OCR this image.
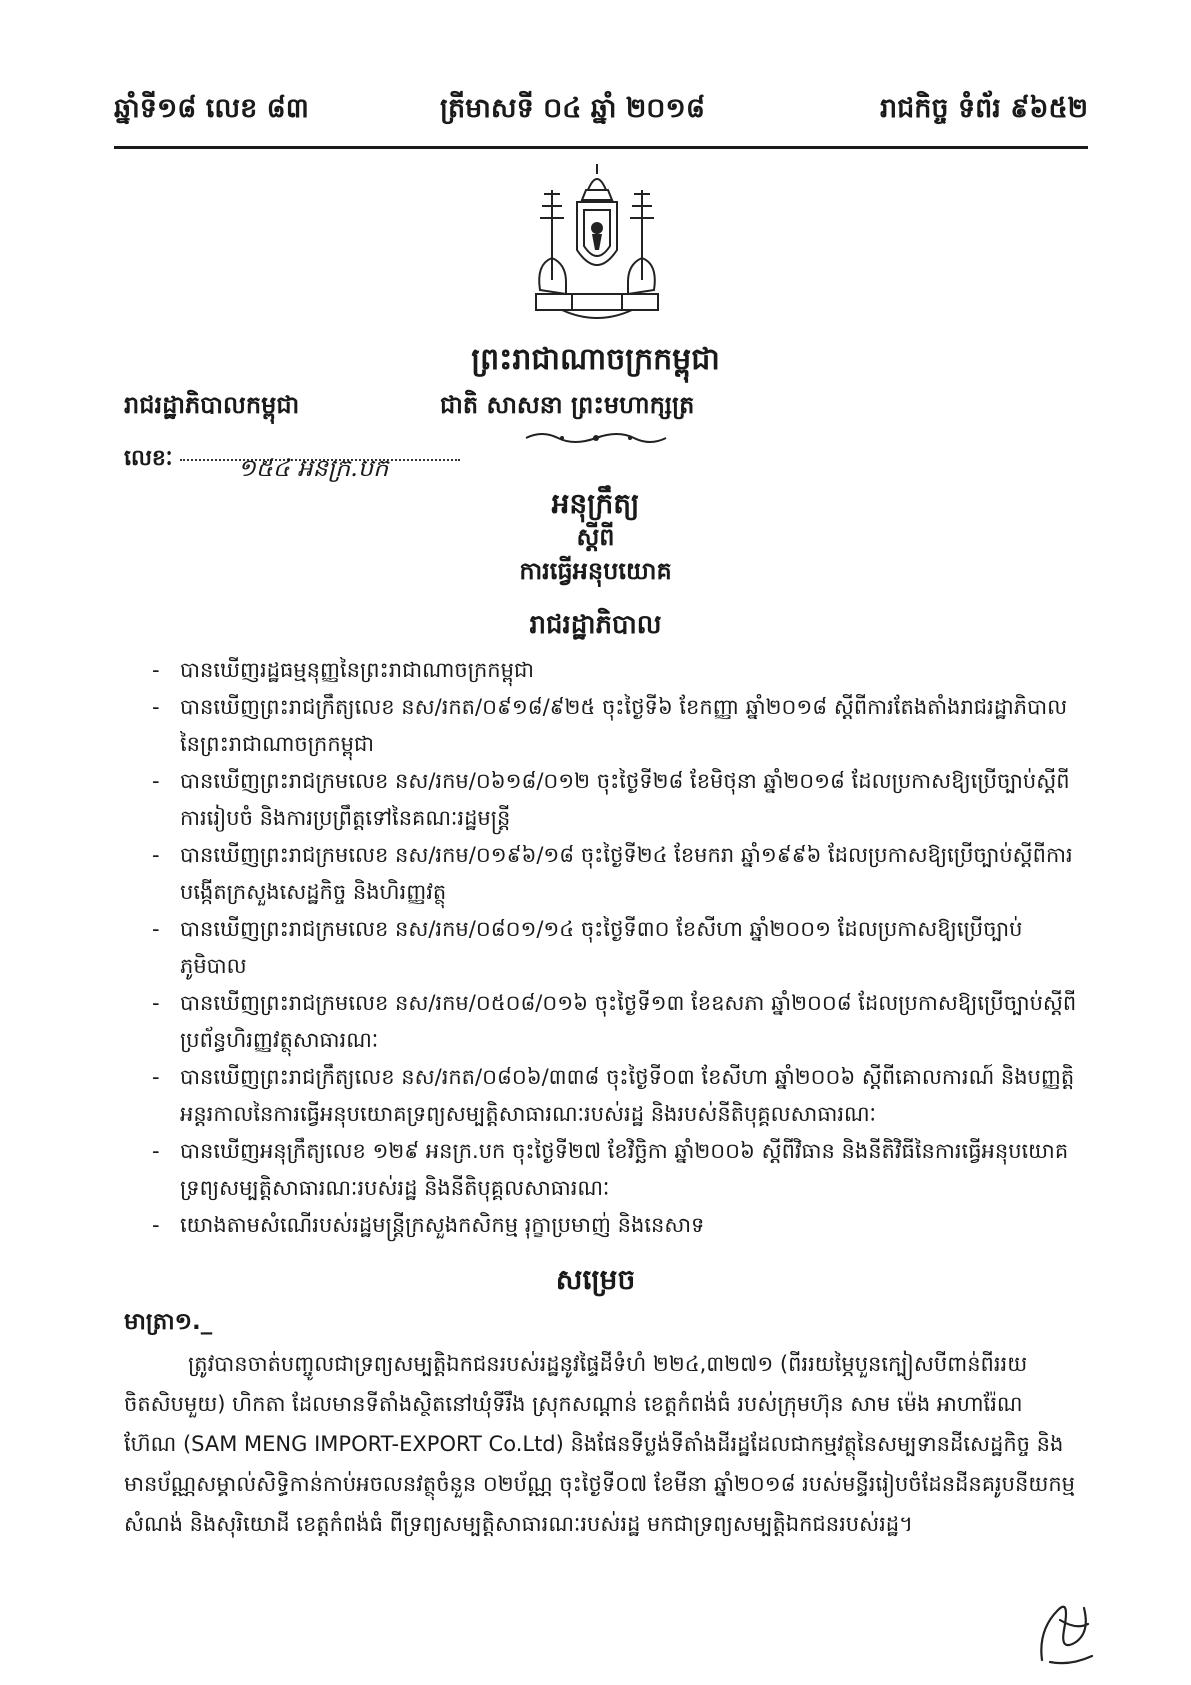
ឆ្នាំទី១៨ លេខ ៨៣	ត្រីមាសទី ០៤ ឆ្នាំ ២០១៨	រាជកិច្ច ទំព័រ ៩៦៥២
ព្រះរាជាណាចក្រកម្ពុជា
រាជរដ្ឋាភិបាលកម្ពុជា	ជាតិ សាសនា ព្រះមហាក្សត្រ
លេខៈ	១៥៤ អនក្រ.បក
អនុក្រឹត្យ
ស្តីពី
ការធ្វើអនុបយោគ
រាជរដ្ឋាភិបាល
- បានឃើញរដ្ឋធម្មនុញ្ញនៃព្រះរាជាណាចក្រកម្ពុជា
- បានឃើញព្រះរាជក្រឹត្យលេខ នស/រកត/០៩១៨/៩២៥ ចុះថ្ងៃទី៦ ខែកញ្ញា ឆ្នាំ២០១៨ ស្តីពីការតែងតាំងរាជរដ្ឋាភិបាលនៃព្រះរាជាណាចក្រកម្ពុជា
- បានឃើញព្រះរាជក្រមលេខ នស/រកម/០៦១៨/០១២ ចុះថ្ងៃទី២៨ ខែមិថុនា ឆ្នាំ២០១៨ ដែលប្រកាសឱ្យប្រើច្បាប់ស្តីពីការរៀបចំ និងការប្រព្រឹត្តទៅនៃគណៈរដ្ឋមន្ត្រី
- បានឃើញព្រះរាជក្រមលេខ នស/រកម/០១៩៦/១៨ ចុះថ្ងៃទី២៤ ខែមករា ឆ្នាំ១៩៩៦ ដែលប្រកាសឱ្យប្រើច្បាប់ស្តីពីការបង្កើតក្រសួងសេដ្ឋកិច្ច និងហិរញ្ញវត្ថុ
- បានឃើញព្រះរាជក្រមលេខ នស/រកម/០៨០១/១៤ ចុះថ្ងៃទី៣០ ខែសីហា ឆ្នាំ២០០១ ដែលប្រកាសឱ្យប្រើច្បាប់ភូមិបាល
- បានឃើញព្រះរាជក្រមលេខ នស/រកម/០៥០៨/០១៦ ចុះថ្ងៃទី១៣ ខែឧសភា ឆ្នាំ២០០៨ ដែលប្រកាសឱ្យប្រើច្បាប់ស្តីពីប្រព័ន្ធហិរញ្ញវត្ថុសាធារណៈ
- បានឃើញព្រះរាជក្រឹត្យលេខ នស/រកត/០៨០៦/៣៣៨ ចុះថ្ងៃទី០៣ ខែសីហា ឆ្នាំ២០០៦ ស្តីពីគោលការណ៍ និងបញ្ញត្តិអន្តរកាលនៃការធ្វើអនុបយោគទ្រព្យសម្បត្តិសាធារណៈរបស់រដ្ឋ និងរបស់នីតិបុគ្គលសាធារណៈ
- បានឃើញអនុក្រឹត្យលេខ ១២៩ អនក្រ.បក ចុះថ្ងៃទី២៧ ខែវិច្ឆិកា ឆ្នាំ២០០៦ ស្តីពីវិធាន និងនីតិវិធីនៃការធ្វើអនុបយោគទ្រព្យសម្បត្តិសាធារណៈរបស់រដ្ឋ និងនីតិបុគ្គលសាធារណៈ
- យោងតាមសំណើរបស់រដ្ឋមន្ត្រីក្រសួងកសិកម្ម រុក្ខាប្រមាញ់ និងនេសាទ
សម្រេច
មាត្រា១._

ត្រូវបានចាត់បញ្ចូលជាទ្រព្យសម្បត្តិឯកជនរបស់រដ្ឋនូវផ្ទៃដីទំហំ ២២៤,៣២៧១ (ពីររយម្ភៃបួនក្បៀសបីពាន់ពីររយចិតសិបមួយ) ហិកតា ដែលមានទីតាំងស្ថិតនៅឃុំទីរឹង ស្រុកសណ្ដាន់ ខេត្តកំពង់ធំ របស់ក្រុមហ៊ុន សាម ម៉េង អាហារ៉ែណ ហ៊ែណ (SAM MENG IMPORT-EXPORT Co.Ltd) និងផែនទីប្លង់ទីតាំងដីរដ្ឋដែលជាកម្មវត្ថុនៃសម្បទានដីសេដ្ឋកិច្ច និងមានប័ណ្ណសម្គាល់សិទ្ធិកាន់កាប់អចលនវត្ថុចំនួន ០២ប័ណ្ណ ចុះថ្ងៃទី០៧ ខែមីនា ឆ្នាំ២០១៨ របស់មន្ទីររៀបចំដែនដីនគរូបនីយកម្ម សំណង់ និងសុរិយោដី ខេត្តកំពង់ធំ ពីទ្រព្យសម្បត្តិសាធារណៈរបស់រដ្ឋ មកជាទ្រព្យសម្បត្តិឯកជនរបស់រដ្ឋ។
